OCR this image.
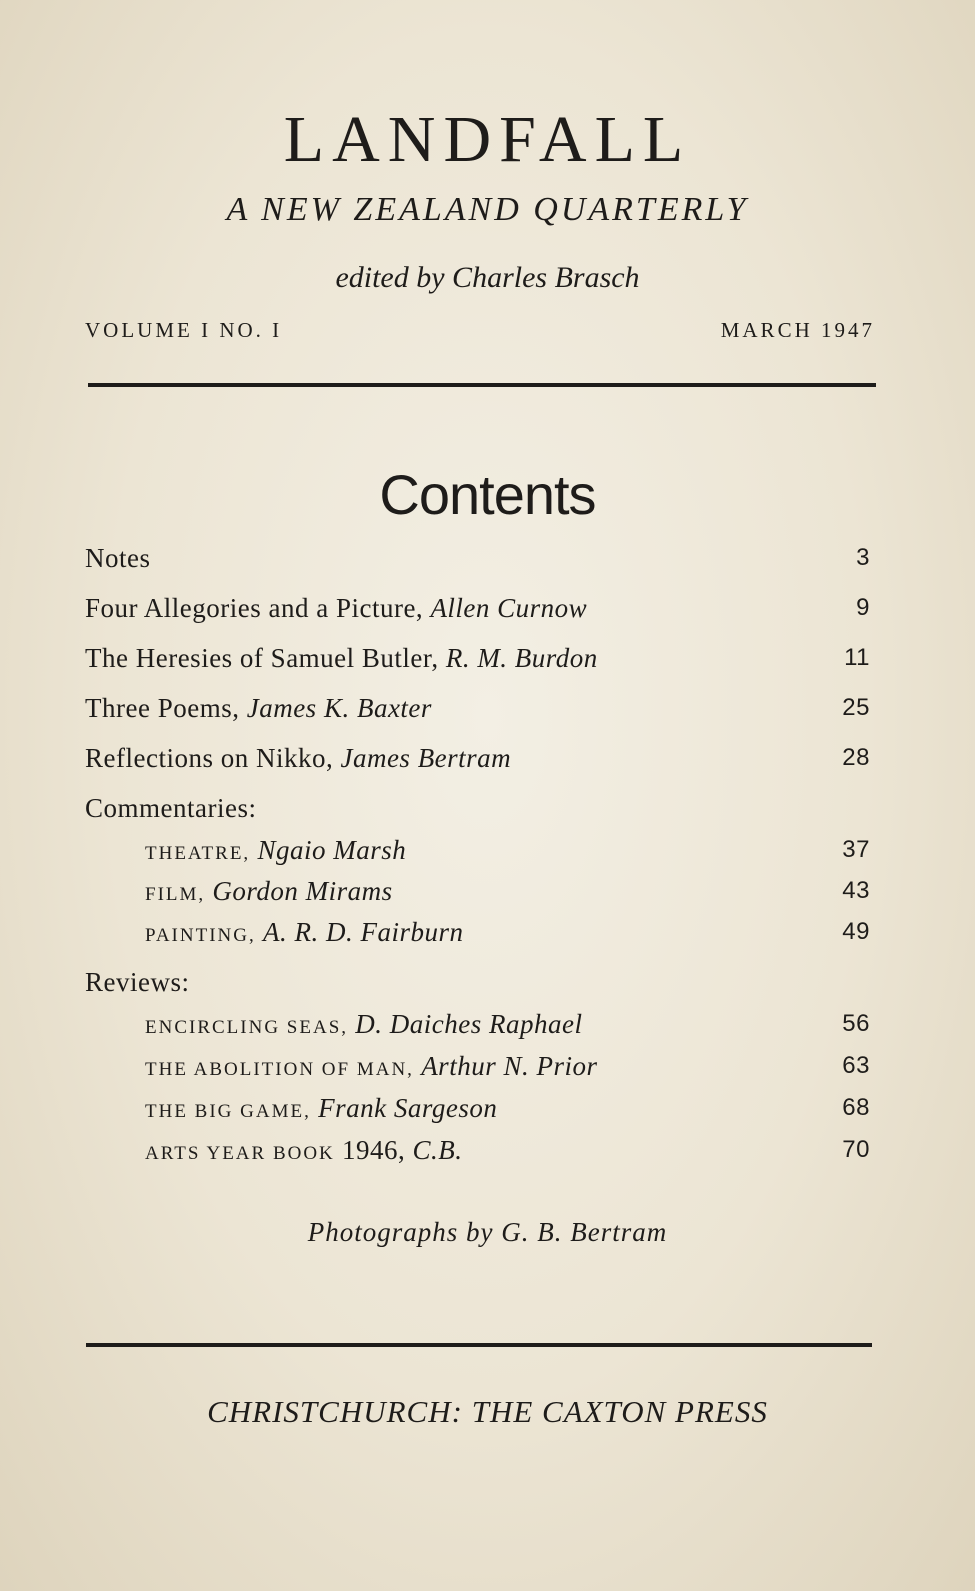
LANDFALL
A NEW ZEALAND QUARTERLY
edited by Charles Brasch
VOLUME I NO. I	MARCH 1947
Contents
Notes	3
Four Allegories and a Picture, Allen Curnow	9
The Heresies of Samuel Butler, R. M. Burdon	11
Three Poems, James K. Baxter	25
Reflections on Nikko, James Bertram	28
Commentaries:
THEATRE, Ngaio Marsh	37
FILM, Gordon Mirams	43
PAINTING, A. R. D. Fairburn	49
Reviews:
ENCIRCLING SEAS, D. Daiches Raphael	56
THE ABOLITION OF MAN, Arthur N. Prior	63
THE BIG GAME, Frank Sargeson	68
ARTS YEAR BOOK 1946, C.B.	70
Photographs by G. B. Bertram
CHRISTCHURCH: THE CAXTON PRESS
